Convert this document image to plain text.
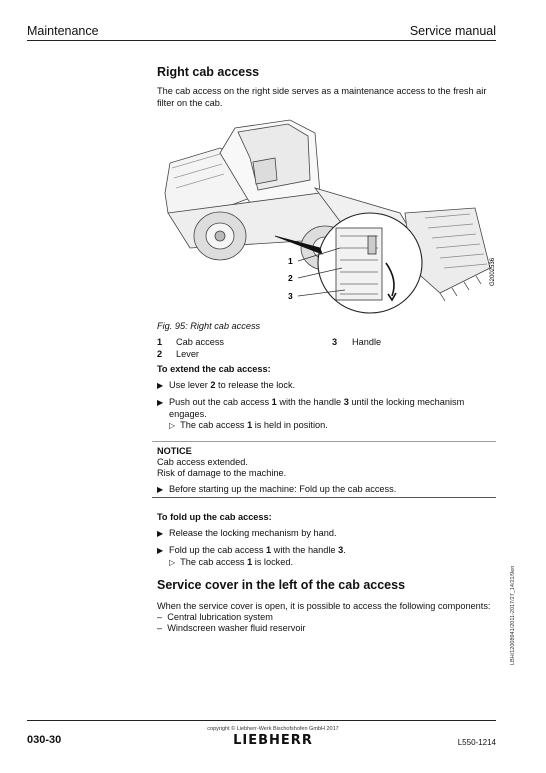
Maintenance	Service manual
Right cab access
The cab access on the right side serves as a maintenance access to the fresh air filter on the cab.
1
2
3
G2002536
Fig. 95: Right cab access
1 Cab access	3 Handle
2 Lever
To extend the cab access:
▶ Use lever 2 to release the lock.
▶ Push out the cab access 1 with the handle 3 until the locking mechanism engages.
▷ The cab access 1 is held in position.
NOTICE
Cab access extended.
Risk of damage to the machine.
▶ Before starting up the machine: Fold up the cab access.
To fold up the cab access:
▶ Release the locking mechanism by hand.
▶ Fold up the cab access 1 with the handle 3.
▷ The cab access 1 is locked.
Service cover in the left of the cab access
When the service cover is open, it is possible to access the following components:
–  Central lubrication system
–  Windscreen washer fluid reservoir	LBH/12008941/2011-2017/27_14/21/9en
copyright © Liebherr-Werk Bischofshofen GmbH 2017
030-30	LIEBHERR	L550-1214
